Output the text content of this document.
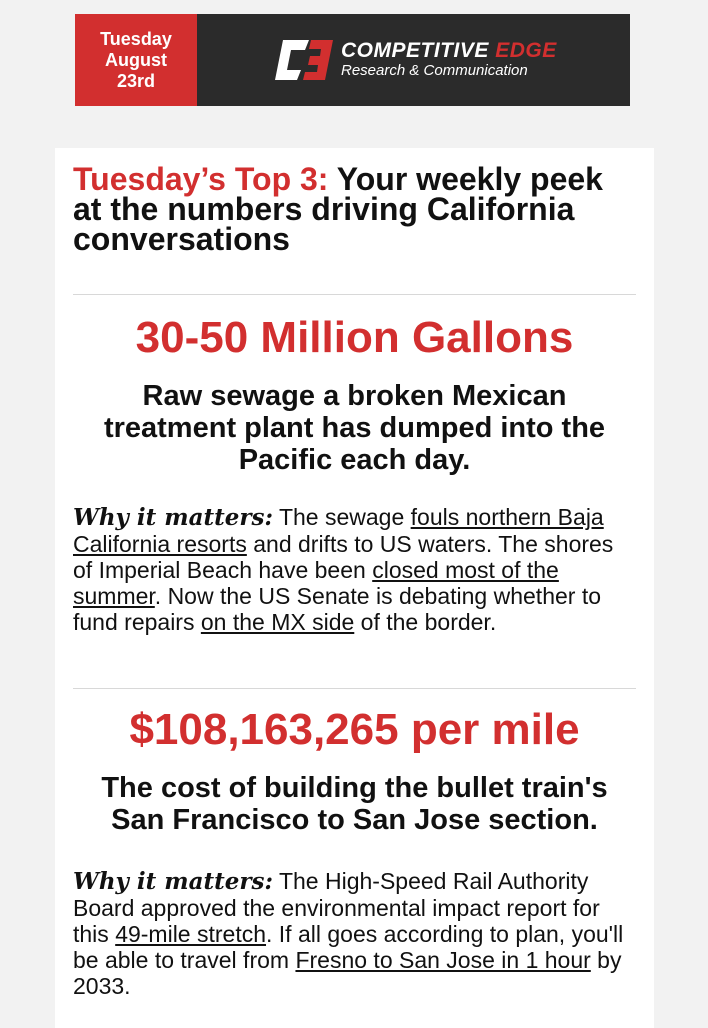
Tuesday
August
23rd
COMPETITIVE EDGE
Research & Communication
Tuesday’s Top 3: Your weekly peek at the numbers driving California conversations
30-50 Million Gallons
Raw sewage a broken Mexican treatment plant has dumped into the Pacific each day.
Why it matters: The sewage fouls northern Baja California resorts and drifts to US waters. The shores of Imperial Beach have been closed most of the summer. Now the US Senate is debating whether to fund repairs on the MX side of the border.
$108,163,265 per mile
The cost of building the bullet train's San Francisco to San Jose section.
Why it matters: The High-Speed Rail Authority Board approved the environmental impact report for this 49-mile stretch. If all goes according to plan, you'll be able to travel from Fresno to San Jose in 1 hour by 2033.
